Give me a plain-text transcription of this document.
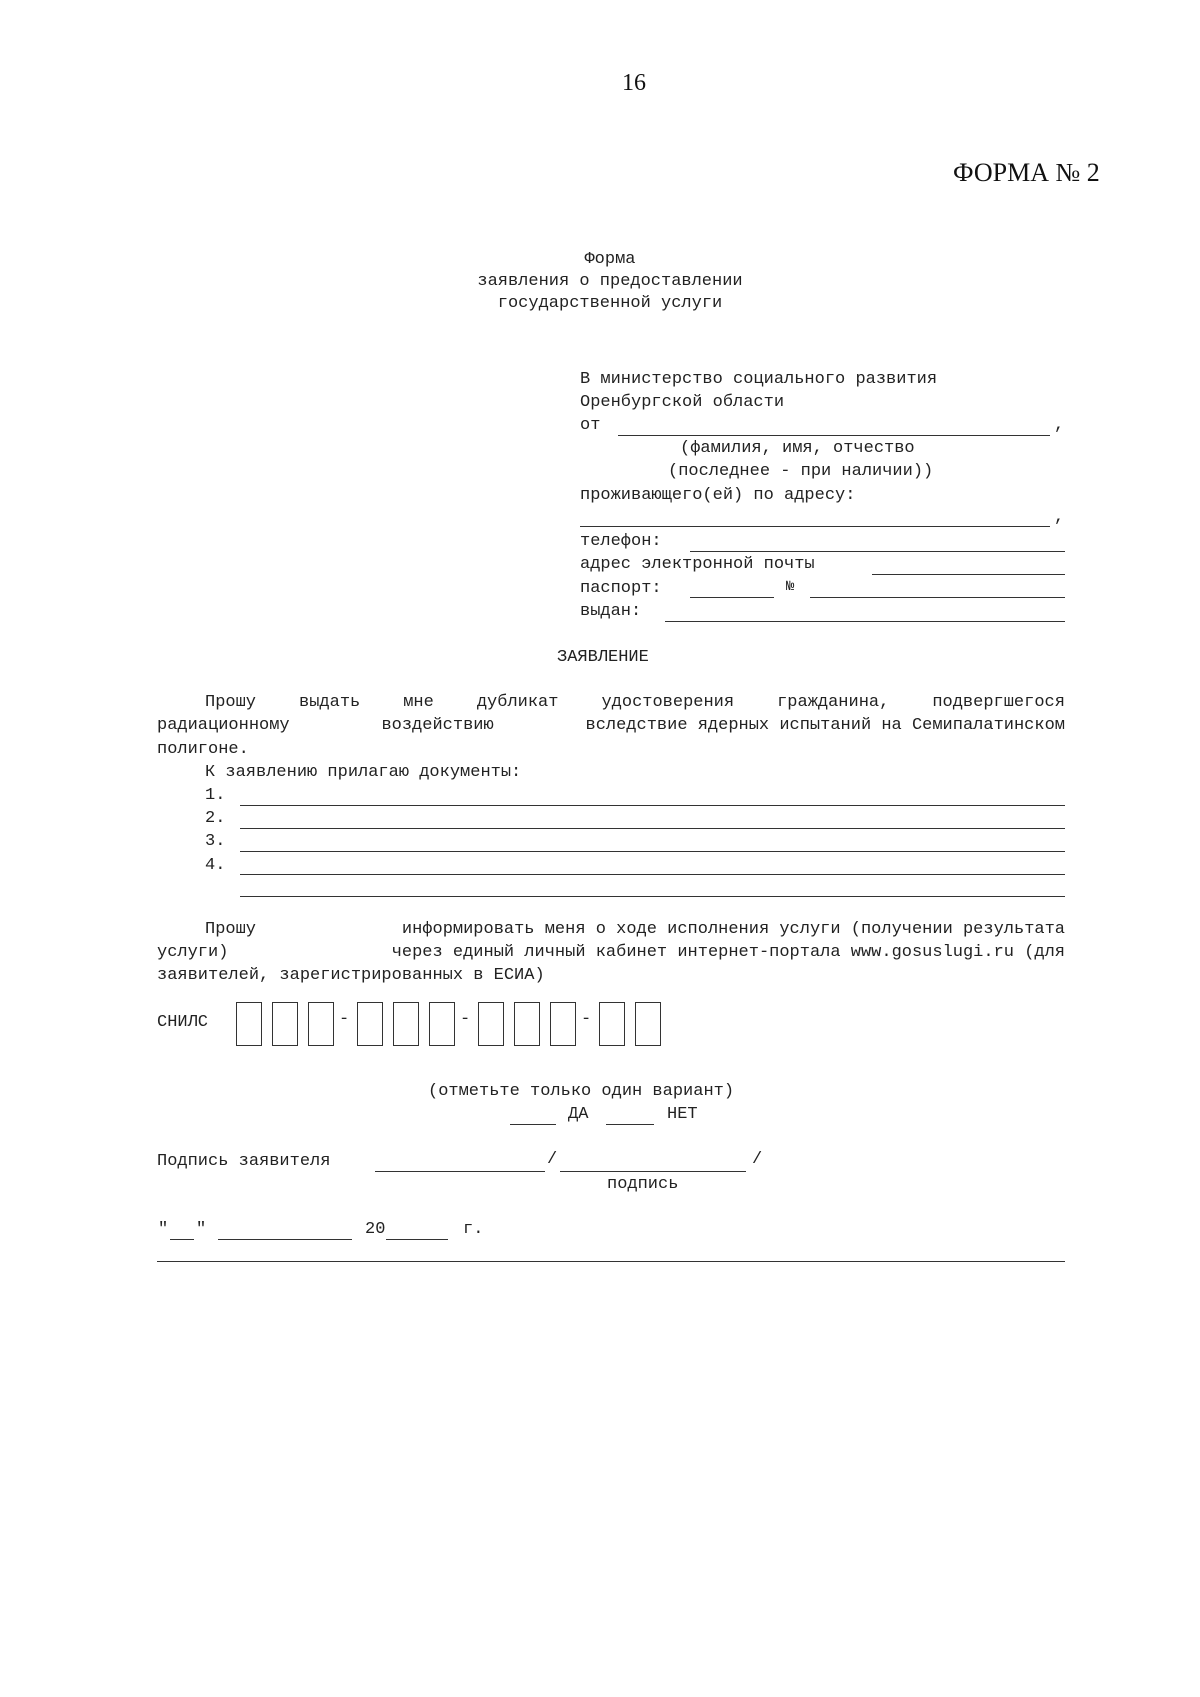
16
ФОРМА № 2
Форма
заявления о предоставлении
государственной услуги
В министерство социального развития
Оренбургской области
от	,
(фамилия, имя, отчество
(последнее - при наличии))
проживающего(ей) по адресу:
,
телефон:
адрес электронной почты
паспорт:	№
выдан:
ЗАЯВЛЕНИЕ
Прошу	выдать	мне	дубликат	удостоверения	гражданина,	подвергшегося
радиационному	воздействию	вследствие ядерных испытаний на Семипалатинском
полигоне.
К заявлению прилагаю документы:
1.
2.
3.
4.
Прошу	информировать меня о ходе исполнения услуги (получении результата
услуги)	через единый личный кабинет интернет-портала www.gosuslugi.ru (для
заявителей, зарегистрированных в ЕСИА)
СНИЛС	-	-	-
(отметьте только один вариант)
ДА	НЕТ
Подпись заявителя	/	/
подпись
" "	20	г.
